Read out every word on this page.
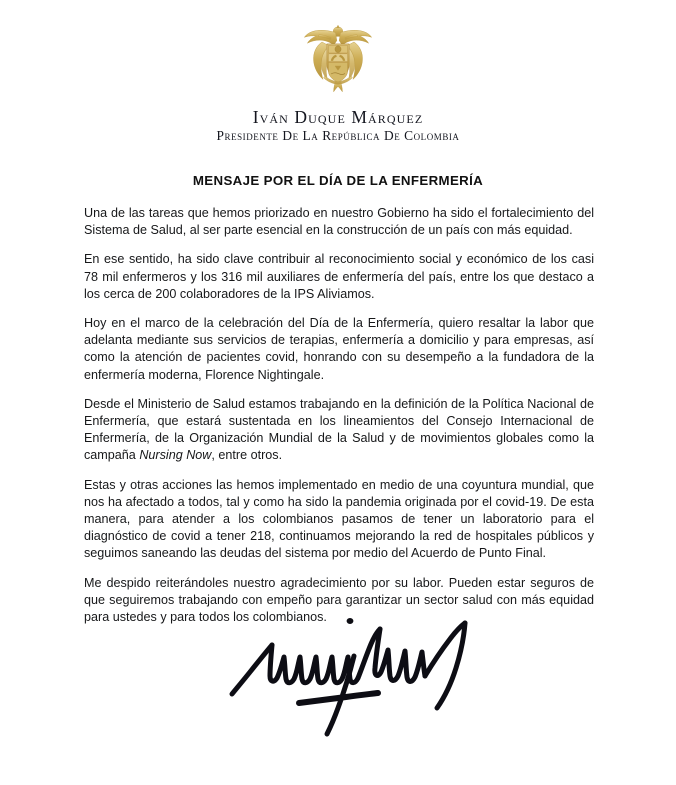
Iván Duque Márquez
Presidente De La República De Colombia
MENSAJE POR EL DÍA DE LA ENFERMERÍA

Una de las tareas que hemos priorizado en nuestro Gobierno ha sido el fortalecimiento del Sistema de Salud, al ser parte esencial en la construcción de un país con más equidad.

En ese sentido, ha sido clave contribuir al reconocimiento social y económico de los casi 78 mil enfermeros y los 316 mil auxiliares de enfermería del país, entre los que destaco a los cerca de 200 colaboradores de la IPS Aliviamos.

Hoy en el marco de la celebración del Día de la Enfermería, quiero resaltar la labor que adelanta mediante sus servicios de terapias, enfermería a domicilio y para empresas, así como la atención de pacientes covid, honrando con su desempeño a la fundadora de la enfermería moderna, Florence Nightingale.

Desde el Ministerio de Salud estamos trabajando en la definición de la Política Nacional de Enfermería, que estará sustentada en los lineamientos del Consejo Internacional de Enfermería, de la Organización Mundial de la Salud y de movimientos globales como la campaña Nursing Now, entre otros.

Estas y otras acciones las hemos implementado en medio de una coyuntura mundial, que nos ha afectado a todos, tal y como ha sido la pandemia originada por el covid-19. De esta manera, para atender a los colombianos pasamos de tener un laboratorio para el diagnóstico de covid a tener 218, continuamos mejorando la red de hospitales públicos y seguimos saneando las deudas del sistema por medio del Acuerdo de Punto Final.

Me despido reiterándoles nuestro agradecimiento por su labor. Pueden estar seguros de que seguiremos trabajando con empeño para garantizar un sector salud con más equidad para ustedes y para todos los colombianos.
